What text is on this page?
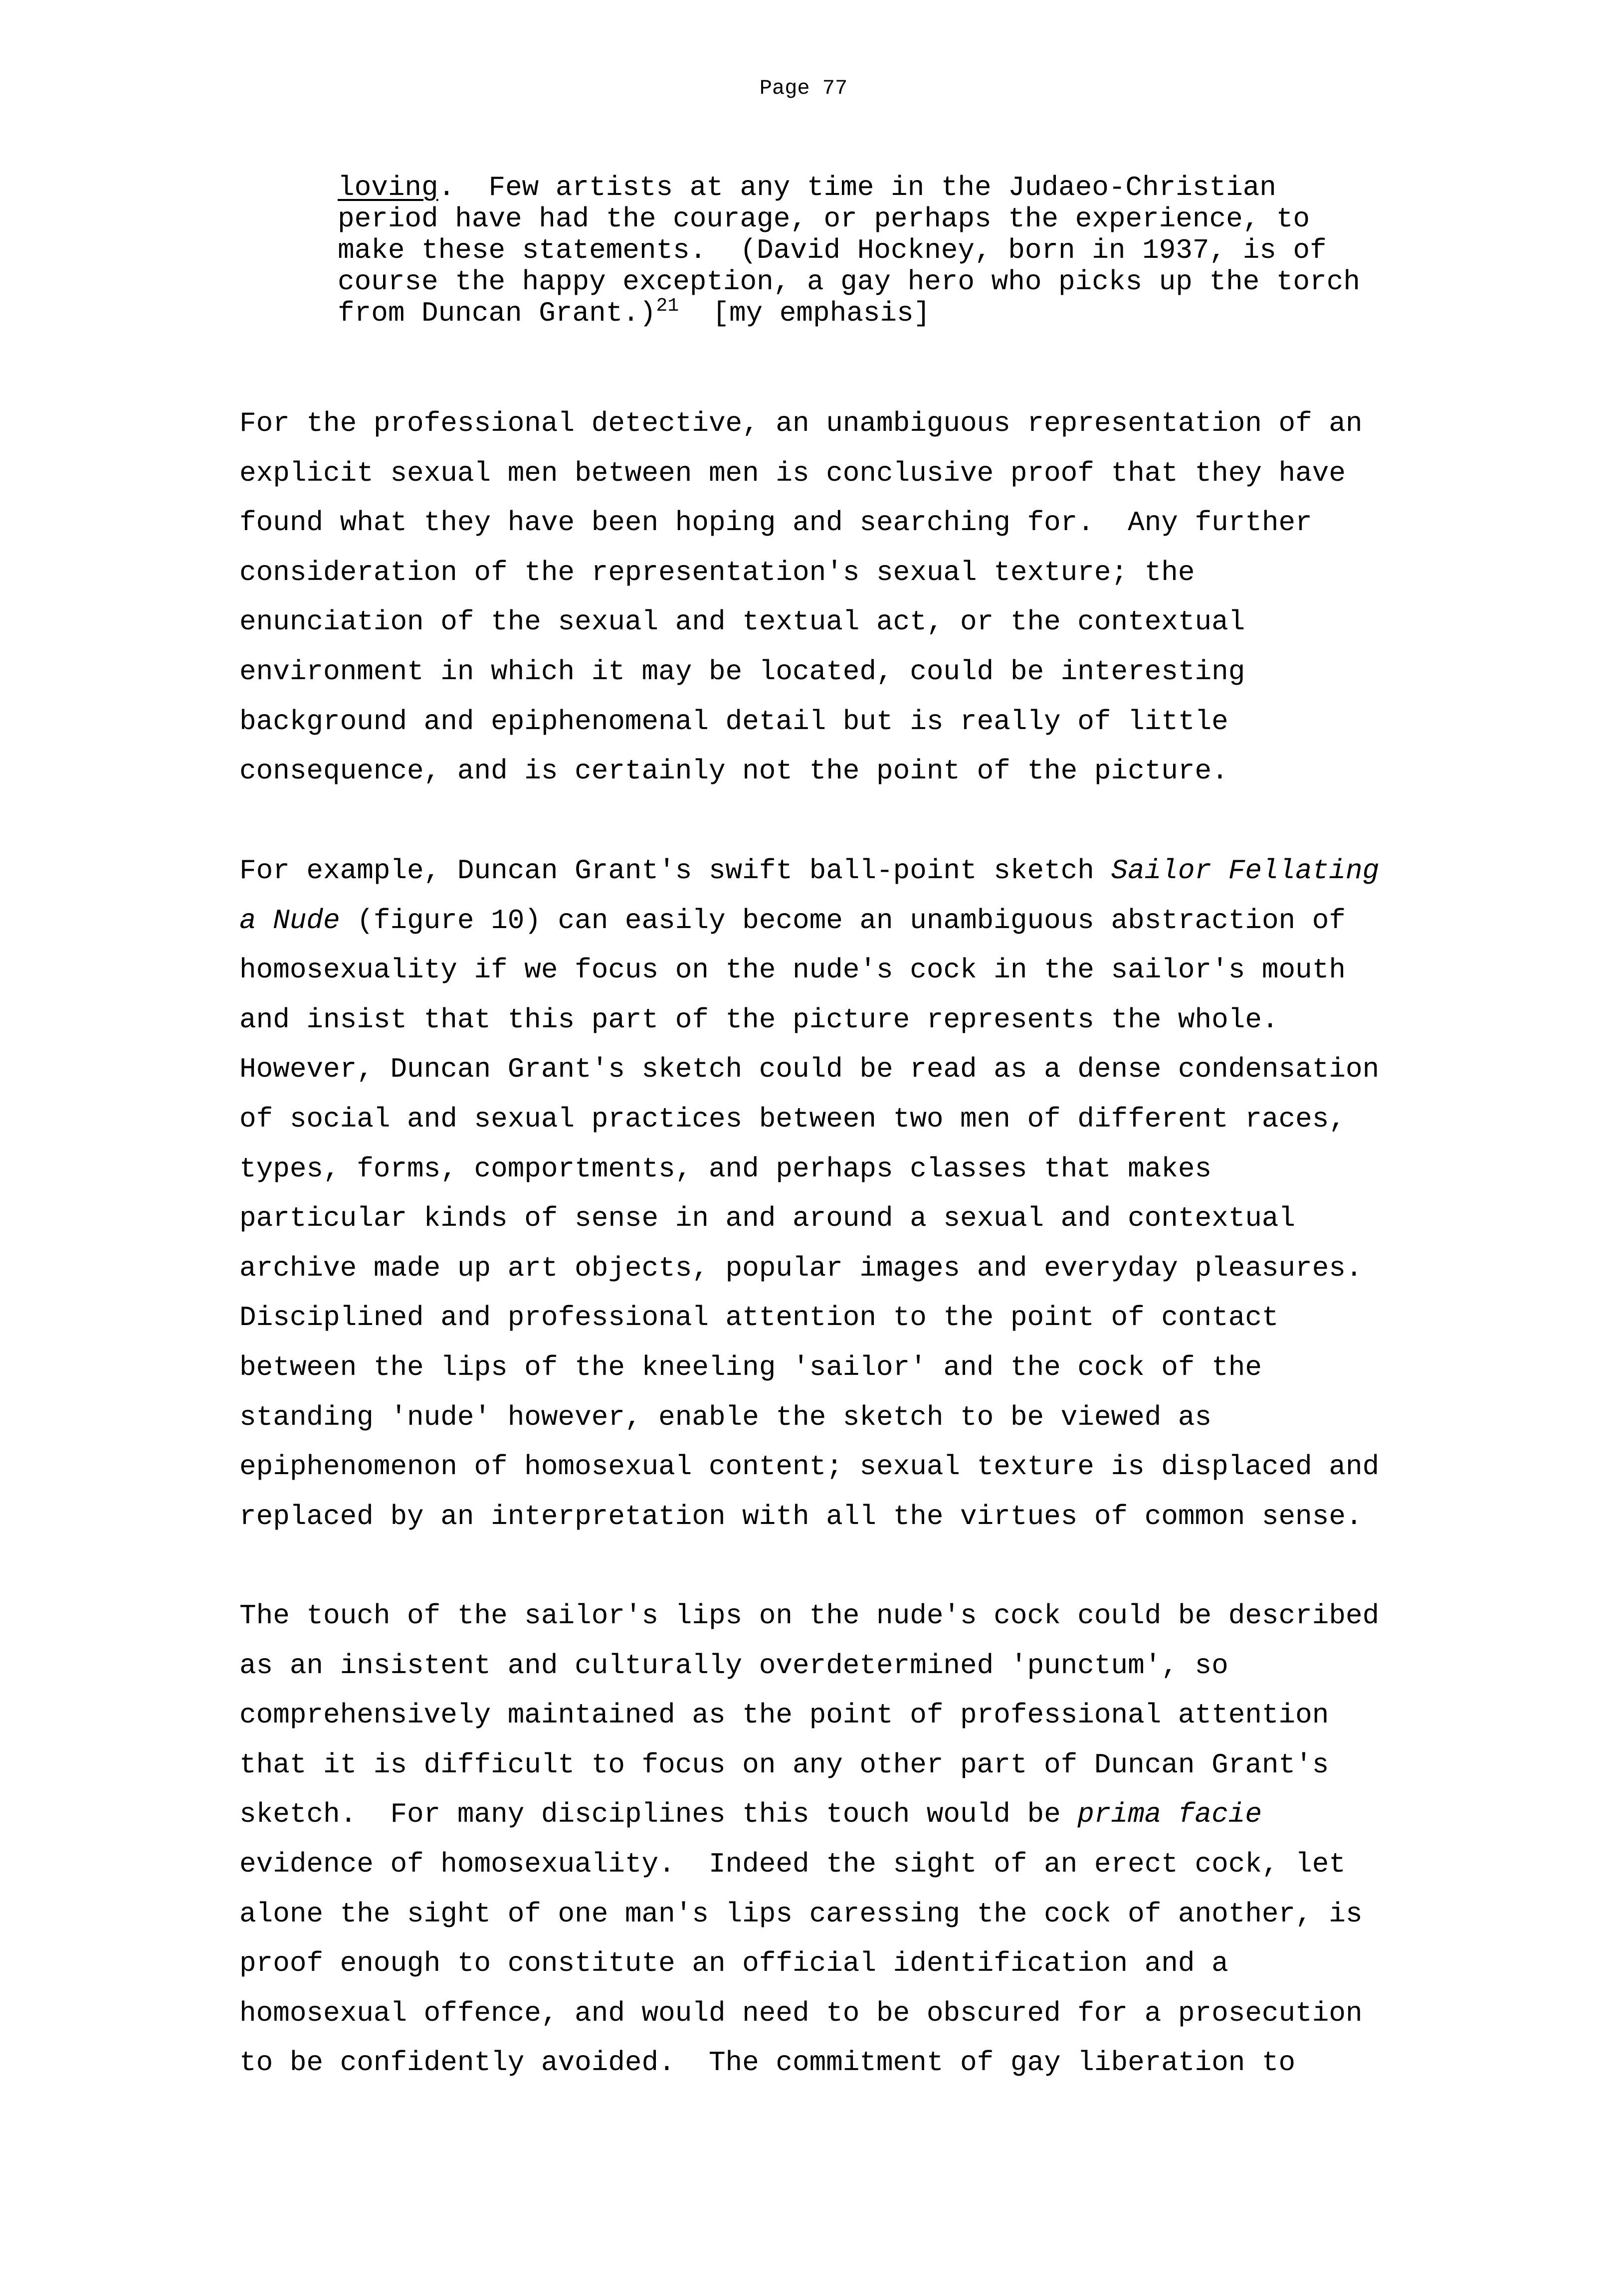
Page 77
loving.  Few artists at any time in the Judaeo-Christian
period have had the courage, or perhaps the experience, to
make these statements.  (David Hockney, born in 1937, is of
course the happy exception, a gay hero who picks up the torch
from Duncan Grant.)$^{21}$  [my emphasis]
For the professional detective, an unambiguous representation of an
explicit sexual men between men is conclusive proof that they have
found what they have been hoping and searching for.  Any further
consideration of the representation's sexual texture; the
enunciation of the sexual and textual act, or the contextual
environment in which it may be located, could be interesting
background and epiphenomenal detail but is really of little
consequence, and is certainly not the point of the picture.
For example, Duncan Grant's swift ball-point sketch Sailor Fellating
a Nude (figure 10) can easily become an unambiguous abstraction of
homosexuality if we focus on the nude's cock in the sailor's mouth
and insist that this part of the picture represents the whole.
However, Duncan Grant's sketch could be read as a dense condensation
of social and sexual practices between two men of different races,
types, forms, comportments, and perhaps classes that makes
particular kinds of sense in and around a sexual and contextual
archive made up art objects, popular images and everyday pleasures.
Disciplined and professional attention to the point of contact
between the lips of the kneeling 'sailor' and the cock of the
standing 'nude' however, enable the sketch to be viewed as
epiphenomenon of homosexual content; sexual texture is displaced and
replaced by an interpretation with all the virtues of common sense.
The touch of the sailor's lips on the nude's cock could be described
as an insistent and culturally overdetermined 'punctum', so
comprehensively maintained as the point of professional attention
that it is difficult to focus on any other part of Duncan Grant's
sketch.  For many disciplines this touch would be prima facie
evidence of homosexuality.  Indeed the sight of an erect cock, let
alone the sight of one man's lips caressing the cock of another, is
proof enough to constitute an official identification and a
homosexual offence, and would need to be obscured for a prosecution
to be confidently avoided.  The commitment of gay liberation to
